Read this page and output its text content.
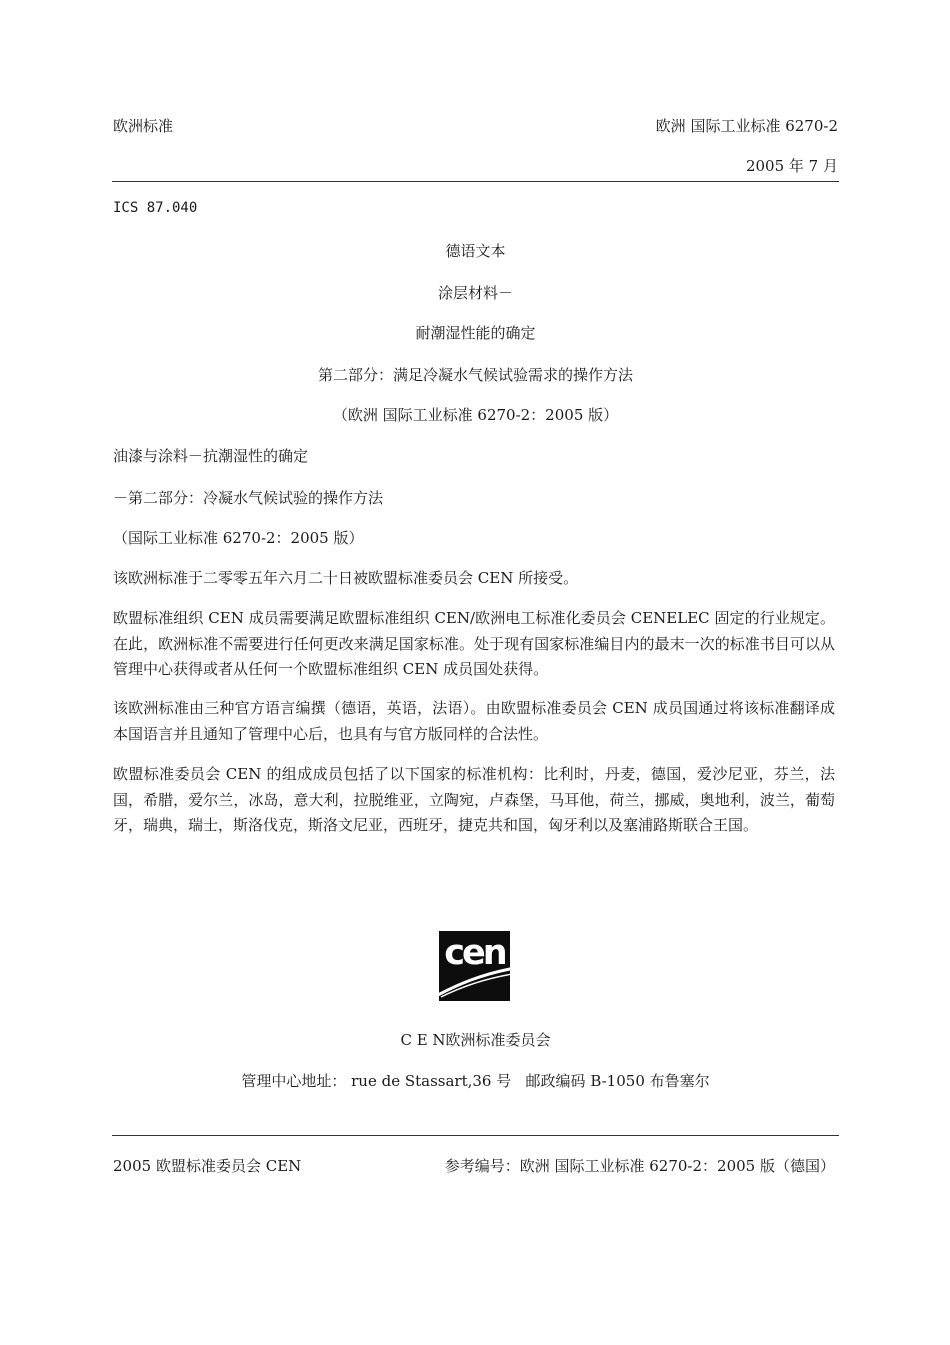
欧洲标准	欧洲 国际工业标准 6270-2
2005 年 7 月
ICS 87.040
德语文本
涂层材料－
耐潮湿性能的确定
第二部分：满足冷凝水气候试验需求的操作方法
（欧洲 国际工业标准 6270-2：2005 版）
油漆与涂料－抗潮湿性的确定
－第二部分：冷凝水气候试验的操作方法
（国际工业标准 6270-2：2005 版）
该欧洲标准于二零零五年六月二十日被欧盟标准委员会 CEN 所接受。
欧盟标准组织 CEN 成员需要满足欧盟标准组织 CEN/欧洲电工标准化委员会 CENELEC 固定的行业规定。在此，欧洲标准不需要进行任何更改来满足国家标准。处于现有国家标准编目内的最末一次的标准书目可以从管理中心获得或者从任何一个欧盟标准组织 CEN 成员国处获得。
该欧洲标准由三种官方语言编撰（德语，英语，法语）。由欧盟标准委员会 CEN 成员国通过将该标准翻译成本国语言并且通知了管理中心后，也具有与官方版同样的合法性。
欧盟标准委员会 CEN 的组成成员包括了以下国家的标准机构：比利时，丹麦，德国，爱沙尼亚，芬兰，法国，希腊，爱尔兰，冰岛，意大利，拉脱维亚，立陶宛，卢森堡，马耳他，荷兰，挪威，奥地利，波兰，葡萄牙，瑞典，瑞士，斯洛伐克，斯洛文尼亚，西班牙，捷克共和国，匈牙利以及塞浦路斯联合王国。
cen
C E N欧洲标准委员会
管理中心地址： rue de Stassart,36 号   邮政编码 B-1050 布鲁塞尔
2005 欧盟标准委员会 CEN	参考编号：欧洲 国际工业标准 6270-2：2005 版（德国）
